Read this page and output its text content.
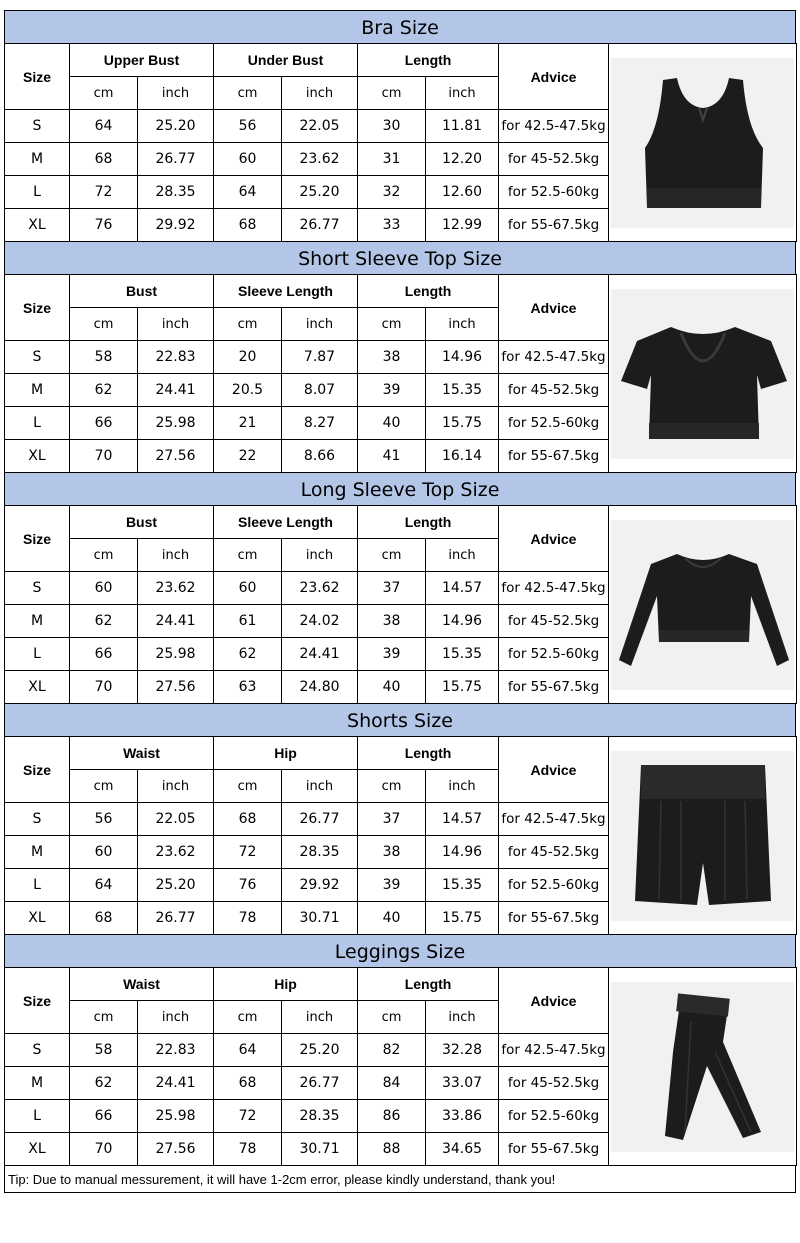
Bra Size
Size	Upper Bust		Under Bust		Length		Advice	

	cm	inch	cm	inch	cm	inch		
S	64	25.20	56	22.05	30	11.81	for 42.5-47.5kg	
M	68	26.77	60	23.62	31	12.20	for 45-52.5kg	
L	72	28.35	64	25.20	32	12.60	for 52.5-60kg	
XL	76	29.92	68	26.77	33	12.99	for 55-67.5kg	
Short Sleeve Top Size
Size	Bust		Sleeve Length		Length		Advice	

	cm	inch	cm	inch	cm	inch		
S	58	22.83	20	7.87	38	14.96	for 42.5-47.5kg	
M	62	24.41	20.5	8.07	39	15.35	for 45-52.5kg	
L	66	25.98	21	8.27	40	15.75	for 52.5-60kg	
XL	70	27.56	22	8.66	41	16.14	for 55-67.5kg	
Long Sleeve Top Size
Size	Bust		Sleeve Length		Length		Advice	

	cm	inch	cm	inch	cm	inch		
S	60	23.62	60	23.62	37	14.57	for 42.5-47.5kg	
M	62	24.41	61	24.02	38	14.96	for 45-52.5kg	
L	66	25.98	62	24.41	39	15.35	for 52.5-60kg	
XL	70	27.56	63	24.80	40	15.75	for 55-67.5kg	
Shorts Size
Size	Waist		Hip		Length		Advice	

	cm	inch	cm	inch	cm	inch		
S	56	22.05	68	26.77	37	14.57	for 42.5-47.5kg	
M	60	23.62	72	28.35	38	14.96	for 45-52.5kg	
L	64	25.20	76	29.92	39	15.35	for 52.5-60kg	
XL	68	26.77	78	30.71	40	15.75	for 55-67.5kg	
Leggings Size
Size	Waist		Hip		Length		Advice	

	cm	inch	cm	inch	cm	inch		
S	58	22.83	64	25.20	82	32.28	for 42.5-47.5kg	
M	62	24.41	68	26.77	84	33.07	for 45-52.5kg	
L	66	25.98	72	28.35	86	33.86	for 52.5-60kg	
XL	70	27.56	78	30.71	88	34.65	for 55-67.5kg	
Tip: Due to manual messurement, it will have 1-2cm error, please kindly understand, thank you!
